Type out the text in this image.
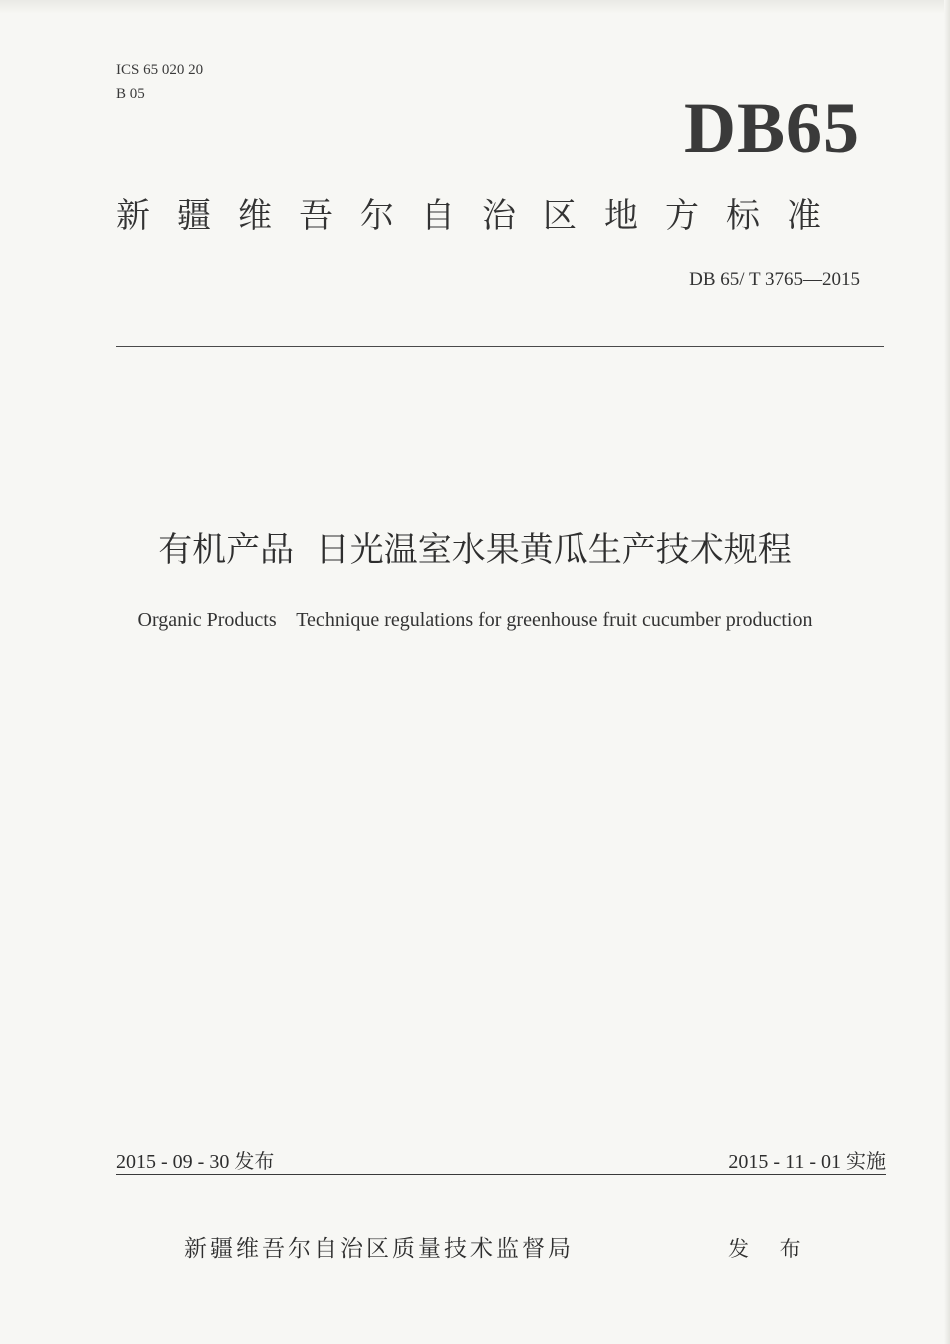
ICS 65 020 20
B 05	DB65
新疆维吾尔自治区地方标准
DB 65/ T 3765—2015
有机产品  日光温室水果黄瓜生产技术规程
Organic Products    Technique regulations for greenhouse fruit cucumber production
2015 - 09 - 30 发布	2015 - 11 - 01 实施
新疆维吾尔自治区质量技术监督局	发 布
